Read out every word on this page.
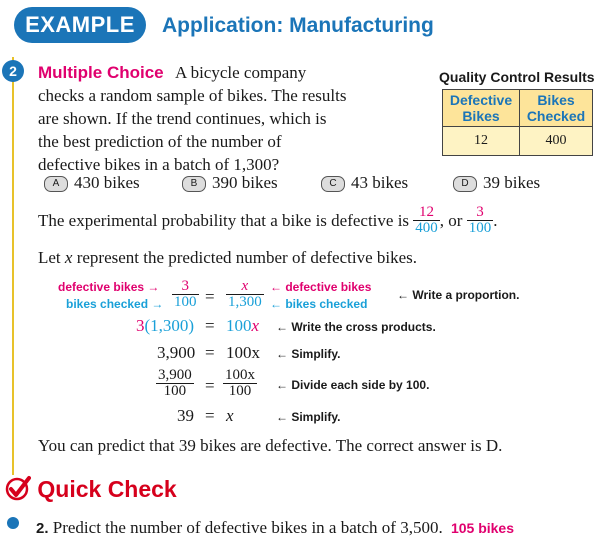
EXAMPLE	Application: Manufacturing
2	Multiple Choice A bicycle company
checks a random sample of bikes. The results
are shown. If the trend continues, which is
the best prediction of the number of
defective bikes in a batch of 1,300?
A 430 bikes	B 390 bikes	C 43 bikes	D 39 bikes
Quality Control Results
Defective Bikes	Bikes Checked
12	400
The experimental probability that a bike is defective is
$\frac{12}{400}$ , or
$\frac{3}{100}$ .
Let x represent the predicted number of defective bikes.
defective bikes →
bikes checked → $\frac{3}{100} = \frac{x}{1,300}$ ← defective bikes
← bikes checked
← Write a proportion.
3(1,300) = 100x ← Write the cross products.
3,900 = 100x ← Simplify.
$\frac{3,900}{100} = \frac{100x}{100}$ ← Divide each side by 100.
39 = x	← Simplify.
You can predict that 39 bikes are defective. The correct answer is D.
Quick Check
2. Predict the number of defective bikes in a batch of 3,500. 105 bikes
